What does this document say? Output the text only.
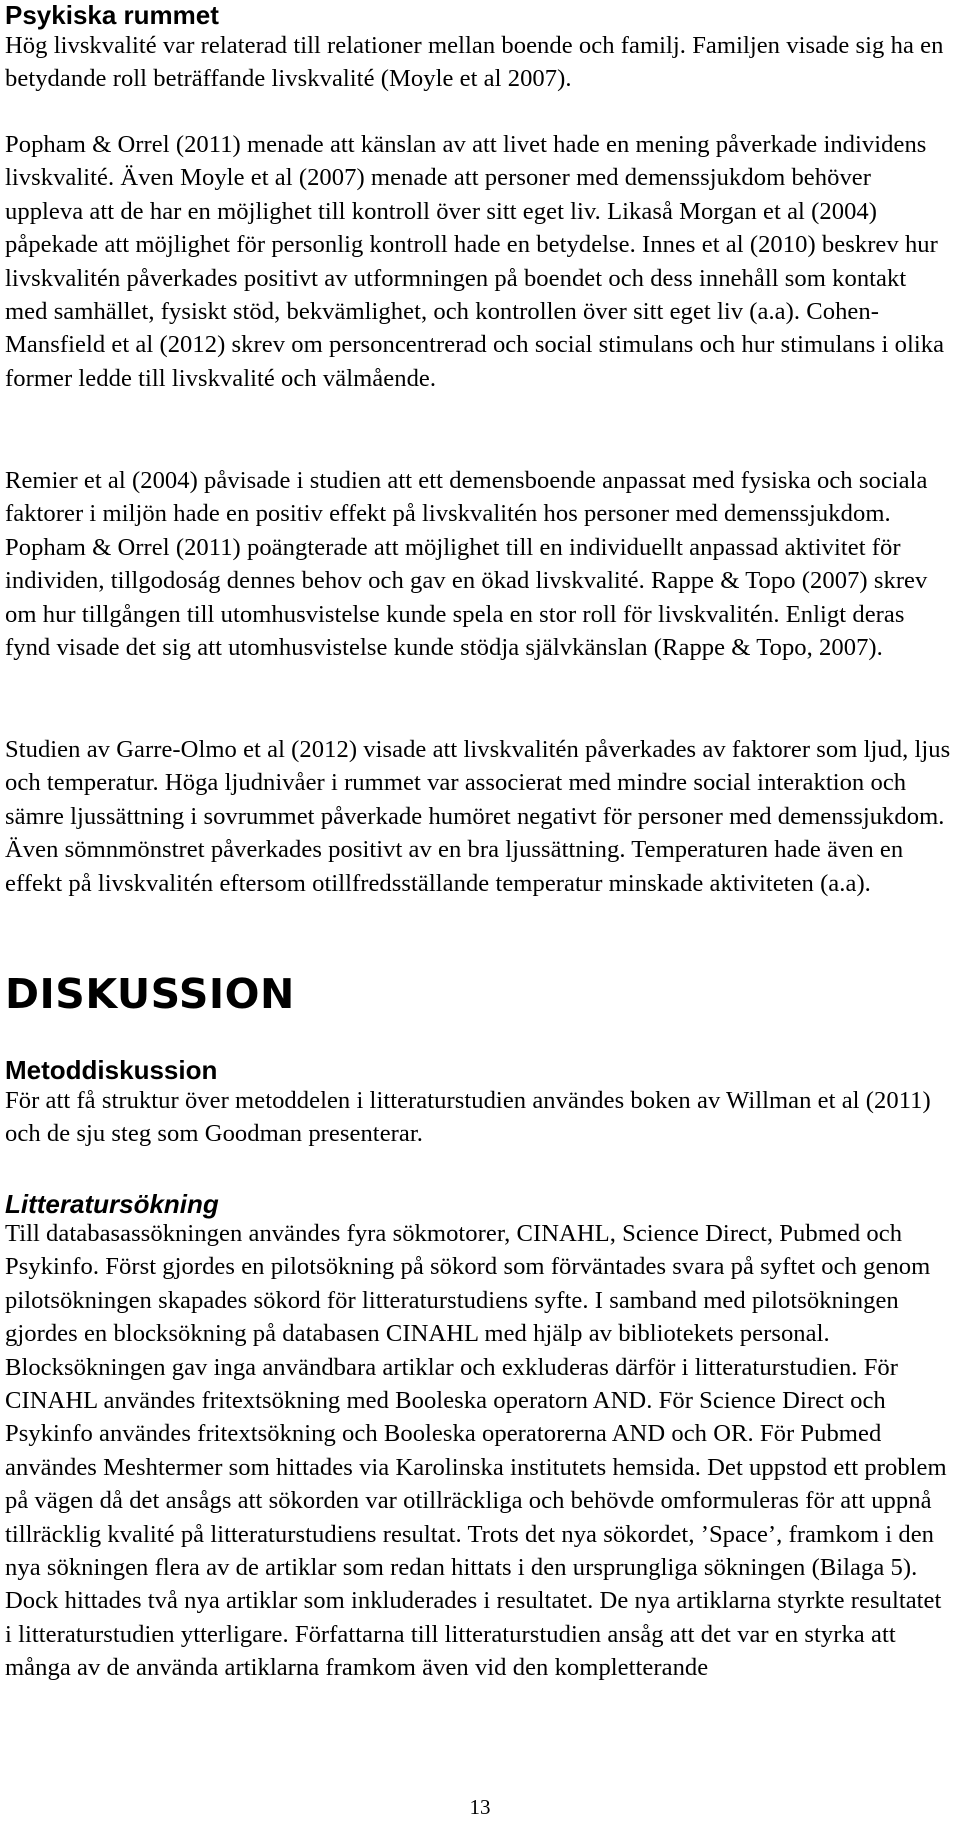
Psykiska rummet

Hög livskvalité var relaterad till relationer mellan boende och familj. Familjen visade sig ha en betydande roll beträffande livskvalité (Moyle et al 2007).

Popham & Orrel (2011) menade att känslan av att livet hade en mening påverkade individens livskvalité. Även Moyle et al (2007) menade att personer med demenssjukdom behöver uppleva att de har en möjlighet till kontroll över sitt eget liv. Likaså Morgan et al (2004) påpekade att möjlighet för personlig kontroll hade en betydelse. Innes et al (2010) beskrev hur livskvalitén påverkades positivt av utformningen på boendet och dess innehåll som kontakt med samhället, fysiskt stöd, bekvämlighet, och kontrollen över sitt eget liv (a.a). Cohen-Mansfield et al (2012) skrev om personcentrerad och social stimulans och hur stimulans i olika former ledde till livskvalité och välmående.

Remier et al (2004) påvisade i studien att ett demensboende anpassat med fysiska och sociala faktorer i miljön hade en positiv effekt på livskvalitén hos personer med demenssjukdom. Popham & Orrel (2011) poängterade att möjlighet till en individuellt anpassad aktivitet för individen, tillgodoság dennes behov och gav en ökad livskvalité. Rappe & Topo (2007) skrev om hur tillgången till utomhusvistelse kunde spela en stor roll för livskvalitén. Enligt deras fynd visade det sig att utomhusvistelse kunde stödja självkänslan (Rappe & Topo, 2007).

Studien av Garre-Olmo et al (2012) visade att livskvalitén påverkades av faktorer som ljud, ljus och temperatur. Höga ljudnivåer i rummet var associerat med mindre social interaktion och sämre ljussättning i sovrummet påverkade humöret negativt för personer med demenssjukdom. Även sömnmönstret påverkades positivt av en bra ljussättning. Temperaturen hade även en effekt på livskvalitén eftersom otillfredsställande temperatur minskade aktiviteten (a.a).

DISKUSSION
Metoddiskussion

För att få struktur över metoddelen i litteraturstudien användes boken av Willman et al (2011) och de sju steg som Goodman presenterar.

Litteratursökning

Till databasassökningen användes fyra sökmotorer, CINAHL, Science Direct, Pubmed och Psykinfo. Först gjordes en pilotsökning på sökord som förväntades svara på syftet och genom pilotsökningen skapades sökord för litteraturstudiens syfte. I samband med pilotsökningen gjordes en blocksökning på databasen CINAHL med hjälp av bibliotekets personal. Blocksökningen gav inga användbara artiklar och exkluderas därför i litteraturstudien. För CINAHL användes fritextsökning med Booleska operatorn AND. För Science Direct och Psykinfo användes fritextsökning och Booleska operatorerna AND och OR. För Pubmed användes Meshtermer som hittades via Karolinska institutets hemsida. Det uppstod ett problem på vägen då det ansågs att sökorden var otillräckliga och behövde omformuleras för att uppnå tillräcklig kvalité på litteraturstudiens resultat. Trots det nya sökordet, ’Space’, framkom i den nya sökningen flera av de artiklar som redan hittats i den ursprungliga sökningen (Bilaga 5). Dock hittades två nya artiklar som inkluderades i resultatet. De nya artiklarna styrkte resultatet i litteraturstudien ytterligare. Författarna till litteraturstudien ansåg att det var en styrka att många av de använda artiklarna framkom även vid den kompletterande

13
